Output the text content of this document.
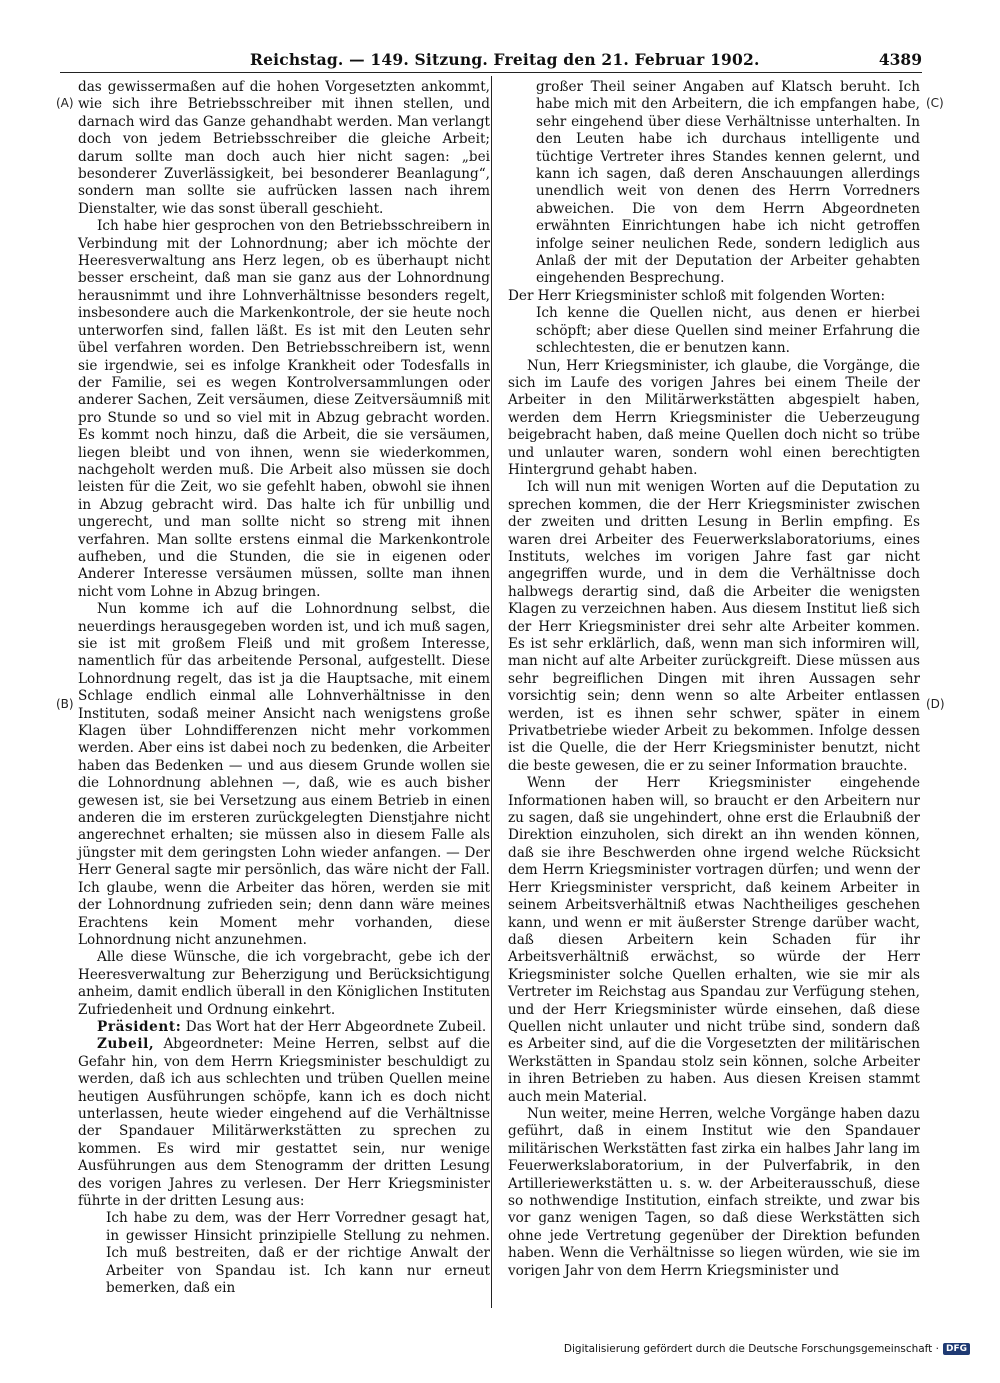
Reichstag. — 149. Sitzung. Freitag den 21. Februar 1902.	4389
(A)
(B)
(C)
(D)

das gewissermaßen auf die hohen Vorgesetzten ankommt, wie sich ihre Betriebsschreiber mit ihnen stellen, und darnach wird das Ganze gehandhabt werden. Man verlangt doch von jedem Betriebsschreiber die gleiche Arbeit; darum sollte man doch auch hier nicht sagen: „bei besonderer Zuverlässigkeit, bei besonderer Beanlagung“, sondern man sollte sie aufrücken lassen nach ihrem Dienstalter, wie das sonst überall geschieht.

Ich habe hier gesprochen von den Betriebsschreibern in Verbindung mit der Lohnordnung; aber ich möchte der Heeresverwaltung ans Herz legen, ob es überhaupt nicht besser erscheint, daß man sie ganz aus der Lohnordnung herausnimmt und ihre Lohnverhältnisse besonders regelt, insbesondere auch die Markenkontrole, der sie heute noch unterworfen sind, fallen läßt. Es ist mit den Leuten sehr übel verfahren worden. Den Betriebsschreibern ist, wenn sie irgendwie, sei es infolge Krankheit oder Todesfalls in der Familie, sei es wegen Kontrolversammlungen oder anderer Sachen, Zeit versäumen, diese Zeitversäumniß mit pro Stunde so und so viel mit in Abzug gebracht worden. Es kommt noch hinzu, daß die Arbeit, die sie versäumen, liegen bleibt und von ihnen, wenn sie wiederkommen, nachgeholt werden muß. Die Arbeit also müssen sie doch leisten für die Zeit, wo sie gefehlt haben, obwohl sie ihnen in Abzug gebracht wird. Das halte ich für unbillig und ungerecht, und man sollte nicht so streng mit ihnen verfahren. Man sollte erstens einmal die Markenkontrole aufheben, und die Stunden, die sie in eigenen oder Anderer Interesse versäumen müssen, sollte man ihnen nicht vom Lohne in Abzug bringen.

Nun komme ich auf die Lohnordnung selbst, die neuerdings herausgegeben worden ist, und ich muß sagen, sie ist mit großem Fleiß und mit großem Interesse, namentlich für das arbeitende Personal, aufgestellt. Diese Lohnordnung regelt, das ist ja die Hauptsache, mit einem Schlage endlich einmal alle Lohnverhältnisse in den Instituten, sodaß meiner Ansicht nach wenigstens große Klagen über Lohndifferenzen nicht mehr vorkommen werden. Aber eins ist dabei noch zu bedenken, die Arbeiter haben das Bedenken — und aus diesem Grunde wollen sie die Lohnordnung ablehnen —, daß, wie es auch bisher gewesen ist, sie bei Versetzung aus einem Betrieb in einen anderen die im ersteren zurückgelegten Dienstjahre nicht angerechnet erhalten; sie müssen also in diesem Falle als jüngster mit dem geringsten Lohn wieder anfangen. — Der Herr General sagte mir persönlich, das wäre nicht der Fall. Ich glaube, wenn die Arbeiter das hören, werden sie mit der Lohnordnung zufrieden sein; denn dann wäre meines Erachtens kein Moment mehr vorhanden, diese Lohnordnung nicht anzunehmen.

Alle diese Wünsche, die ich vorgebracht, gebe ich der Heeresverwaltung zur Beherzigung und Berücksichtigung anheim, damit endlich überall in den Königlichen Instituten Zufriedenheit und Ordnung einkehrt.

Präsident: Das Wort hat der Herr Abgeordnete Zubeil.

Zubeil, Abgeordneter: Meine Herren, selbst auf die Gefahr hin, von dem Herrn Kriegsminister beschuldigt zu werden, daß ich aus schlechten und trüben Quellen meine heutigen Ausführungen schöpfe, kann ich es doch nicht unterlassen, heute wieder eingehend auf die Verhältnisse der Spandauer Militärwerkstätten zu sprechen zu kommen. Es wird mir gestattet sein, nur wenige Ausführungen aus dem Stenogramm der dritten Lesung des vorigen Jahres zu verlesen. Der Herr Kriegsminister führte in der dritten Lesung aus:

Ich habe zu dem, was der Herr Vorredner gesagt hat, in gewisser Hinsicht prinzipielle Stellung zu nehmen. Ich muß bestreiten, daß er der richtige Anwalt der Arbeiter von Spandau ist. Ich kann nur erneut bemerken, daß ein

großer Theil seiner Angaben auf Klatsch beruht. Ich habe mich mit den Arbeitern, die ich empfangen habe, sehr eingehend über diese Verhältnisse unterhalten. In den Leuten habe ich durchaus intelligente und tüchtige Vertreter ihres Standes kennen gelernt, und kann ich sagen, daß deren Anschauungen allerdings unendlich weit von denen des Herrn Vorredners abweichen. Die von dem Herrn Abgeordneten erwähnten Einrichtungen habe ich nicht getroffen infolge seiner neulichen Rede, sondern lediglich aus Anlaß der mit der Deputation der Arbeiter gehabten eingehenden Besprechung.

Der Herr Kriegsminister schloß mit folgenden Worten:

Ich kenne die Quellen nicht, aus denen er hierbei schöpft; aber diese Quellen sind meiner Erfahrung die schlechtesten, die er benutzen kann.

Nun, Herr Kriegsminister, ich glaube, die Vorgänge, die sich im Laufe des vorigen Jahres bei einem Theile der Arbeiter in den Militärwerkstätten abgespielt haben, werden dem Herrn Kriegsminister die Ueberzeugung beigebracht haben, daß meine Quellen doch nicht so trübe und unlauter waren, sondern wohl einen berechtigten Hintergrund gehabt haben.

Ich will nun mit wenigen Worten auf die Deputation zu sprechen kommen, die der Herr Kriegsminister zwischen der zweiten und dritten Lesung in Berlin empfing. Es waren drei Arbeiter des Feuerwerkslaboratoriums, eines Instituts, welches im vorigen Jahre fast gar nicht angegriffen wurde, und in dem die Verhältnisse doch halbwegs derartig sind, daß die Arbeiter die wenigsten Klagen zu verzeichnen haben. Aus diesem Institut ließ sich der Herr Kriegsminister drei sehr alte Arbeiter kommen. Es ist sehr erklärlich, daß, wenn man sich informiren will, man nicht auf alte Arbeiter zurückgreift. Diese müssen aus sehr begreiflichen Dingen mit ihren Aussagen sehr vorsichtig sein; denn wenn so alte Arbeiter entlassen werden, ist es ihnen sehr schwer, später in einem Privatbetriebe wieder Arbeit zu bekommen. Infolge dessen ist die Quelle, die der Herr Kriegsminister benutzt, nicht die beste gewesen, die er zu seiner Information brauchte.

Wenn der Herr Kriegsminister eingehende Informationen haben will, so braucht er den Arbeitern nur zu sagen, daß sie ungehindert, ohne erst die Erlaubniß der Direktion einzuholen, sich direkt an ihn wenden können, daß sie ihre Beschwerden ohne irgend welche Rücksicht dem Herrn Kriegsminister vortragen dürfen; und wenn der Herr Kriegsminister verspricht, daß keinem Arbeiter in seinem Arbeitsverhältniß etwas Nachtheiliges geschehen kann, und wenn er mit äußerster Strenge darüber wacht, daß diesen Arbeitern kein Schaden für ihr Arbeitsverhältniß erwächst, so würde der Herr Kriegsminister solche Quellen erhalten, wie sie mir als Vertreter im Reichstag aus Spandau zur Verfügung stehen, und der Herr Kriegsminister würde einsehen, daß diese Quellen nicht unlauter und nicht trübe sind, sondern daß es Arbeiter sind, auf die die Vorgesetzten der militärischen Werkstätten in Spandau stolz sein können, solche Arbeiter in ihren Betrieben zu haben. Aus diesen Kreisen stammt auch mein Material.

Nun weiter, meine Herren, welche Vorgänge haben dazu geführt, daß in einem Institut wie den Spandauer militärischen Werkstätten fast zirka ein halbes Jahr lang im Feuerwerkslaboratorium, in der Pulverfabrik, in den Artilleriewerkstätten u. s. w. der Arbeiterausschuß, diese so nothwendige Institution, einfach streikte, und zwar bis vor ganz wenigen Tagen, so daß diese Werkstätten sich ohne jede Vertretung gegenüber der Direktion befunden haben. Wenn die Verhältnisse so liegen würden, wie sie im vorigen Jahr von dem Herrn Kriegsminister und

Digitalisierung gefördert durch die Deutsche Forschungsgemeinschaft · DFG
